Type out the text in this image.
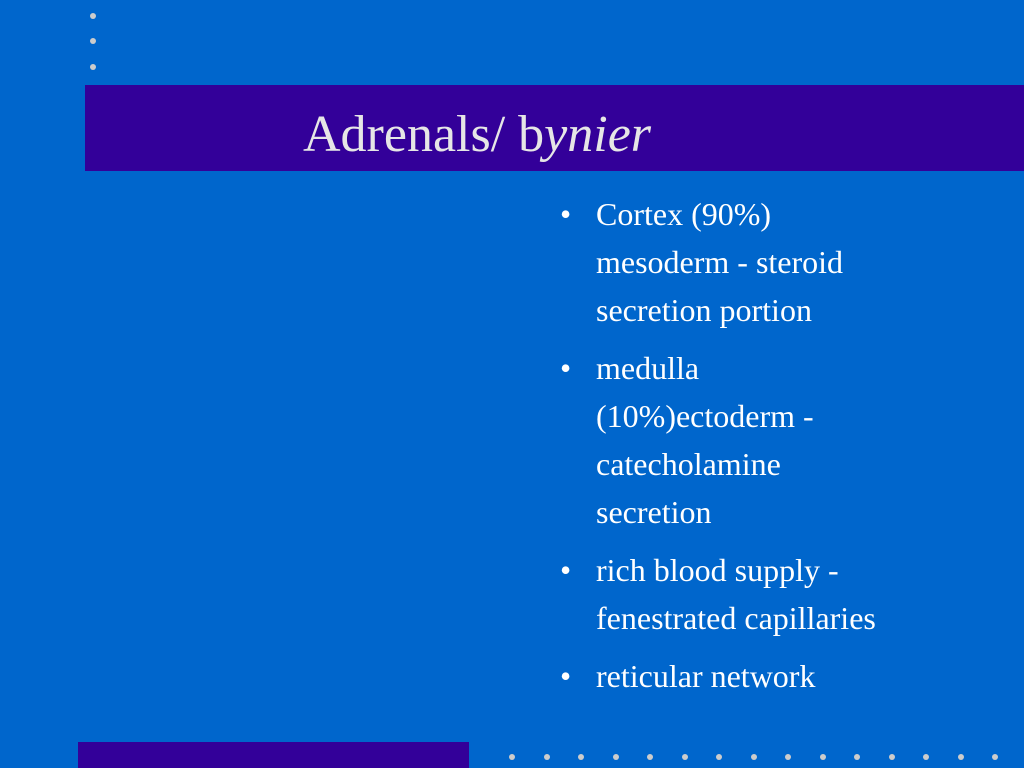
Adrenals/ bynier
• Cortex (90%)
mesoderm - steroid
secretion portion
• medulla
(10%)ectoderm -
catecholamine
secretion
• rich blood supply -
fenestrated capillaries
• reticular network
